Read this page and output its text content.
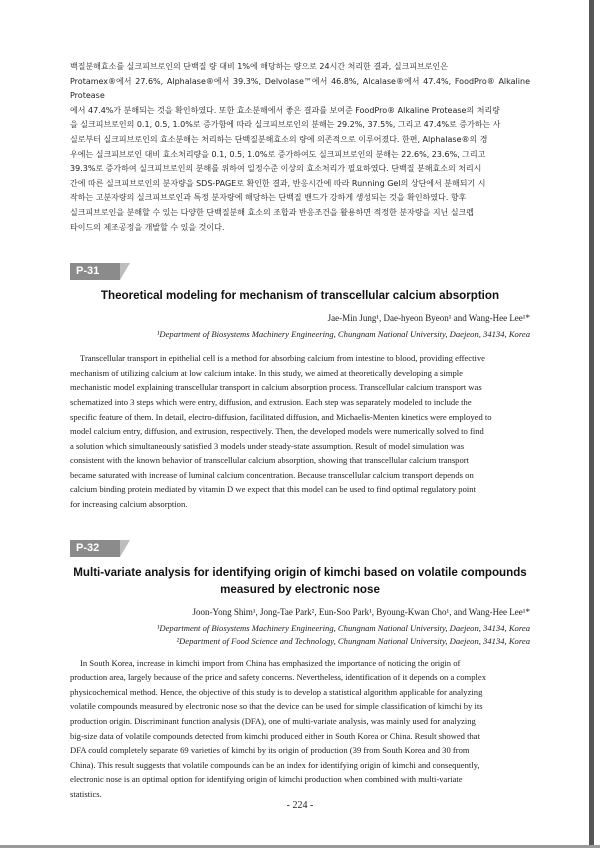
백질분해효소를 실크피브로인의 단백질 량 대비 1%에 해당하는 량으로 24시간 처리한 결과, 실크피브로인은
Protamex®에서 27.6%, Alphalase®에서 39.3%, Delvolase™에서 46.8%, Alcalase®에서 47.4%, FoodPro® Alkaline Protease
에서 47.4%가 분해되는 것을 확인하였다. 또한 효소분해에서 좋은 결과를 보여준 FoodPro® Alkaline Protease의 처리량
을 실크피브로인의 0.1, 0.5, 1.0%로 증가함에 따라 실크피브로인의 분해는 29.2%, 37.5%, 그리고 47.4%로 증가하는 사
실로부터 실크피브로인의 효소분해는 처리하는 단백질분해효소의 량에 의존적으로 이루어졌다. 한편, Alphalase®의 경
우에는 실크피브로인 대비 효소처리량을 0.1, 0.5, 1.0%로 증가하여도 실크피브로인의 분해는 22.6%, 23.6%, 그리고
39.3%로 증가하여 실크피브로인의 분해를 위하여 일정수준 이상의 효소처리가 필요하였다. 단백질 분해효소의 처리시
간에 따른 실크피브로인의 분자량을 SDS-PAGE로 확인한 결과, 반응시간에 따라 Running Gel의 상단에서 분해되기 시
작하는 고분자량의 실크피브로인과 특정 분자량에 해당하는 단백질 밴드가 강하게 생성되는 것을 확인하였다. 향후
실크피브로인을 분해할 수 있는 다양한 단백질분해 효소의 조합과 반응조건을 활용하면 적정한 분자량을 지닌 실크펩
타이드의 제조공정을 개발할 수 있을 것이다.
P-31
Theoretical modeling for mechanism of transcellular calcium absorption
Jae-Min Jung¹, Dae-hyeon Byeon¹ and Wang-Hee Lee¹*
¹Department of Biosystems Machinery Engineering, Chungnam National University, Daejeon, 34134, Korea
Transcellular transport in epithelial cell is a method for absorbing calcium from intestine to blood, providing effective
mechanism of utilizing calcium at low calcium intake. In this study, we aimed at theoretically developing a simple
mechanistic model explaining transcellular transport in calcium absorption process. Transcellular calcium transport was
schematized into 3 steps which were entry, diffusion, and extrusion. Each step was separately modeled to include the
specific feature of them. In detail, electro-diffusion, facilitated diffusion, and Michaelis-Menten kinetics were employed to
model calcium entry, diffusion, and extrusion, respectively. Then, the developed models were numerically solved to find
a solution which simultaneously satisfied 3 models under steady-state assumption. Result of model simulation was
consistent with the known behavior of transcellular calcium absorption, showing that transcellular calcium transport
became saturated with increase of luminal calcium concentration. Because transcellular calcium transport depends on
calcium binding protein mediated by vitamin D we expect that this model can be used to find optimal regulatory point
for increasing calcium absorption.
P-32
Multi-variate analysis for identifying origin of kimchi based on volatile compounds
measured by electronic nose
Joon-Yong Shim¹, Jong-Tae Park², Eun-Soo Park¹, Byoung-Kwan Cho¹, and Wang-Hee Lee¹*
¹Department of Biosystems Machinery Engineering, Chungnam National University, Daejeon, 34134, Korea
²Department of Food Science and Technology, Chungnam National University, Daejeon, 34134, Korea
In South Korea, increase in kimchi import from China has emphasized the importance of noticing the origin of
production area, largely because of the price and safety concerns. Nevertheless, identification of it depends on a complex
physicochemical method. Hence, the objective of this study is to develop a statistical algorithm applicable for analyzing
volatile compounds measured by electronic nose so that the device can be used for simple classification of kimchi by its
production origin. Discriminant function analysis (DFA), one of multi-variate analysis, was mainly used for analyzing
big-size data of volatile compounds detected from kimchi produced either in South Korea or China. Result showed that
DFA could completely separate 69 varieties of kimchi by its origin of production (39 from South Korea and 30 from
China). This result suggests that volatile compounds can be an index for identifying origin of kimchi and consequently,
electronic nose is an optimal option for identifying origin of kimchi production when combined with multi-variate
statistics.
- 224 -
